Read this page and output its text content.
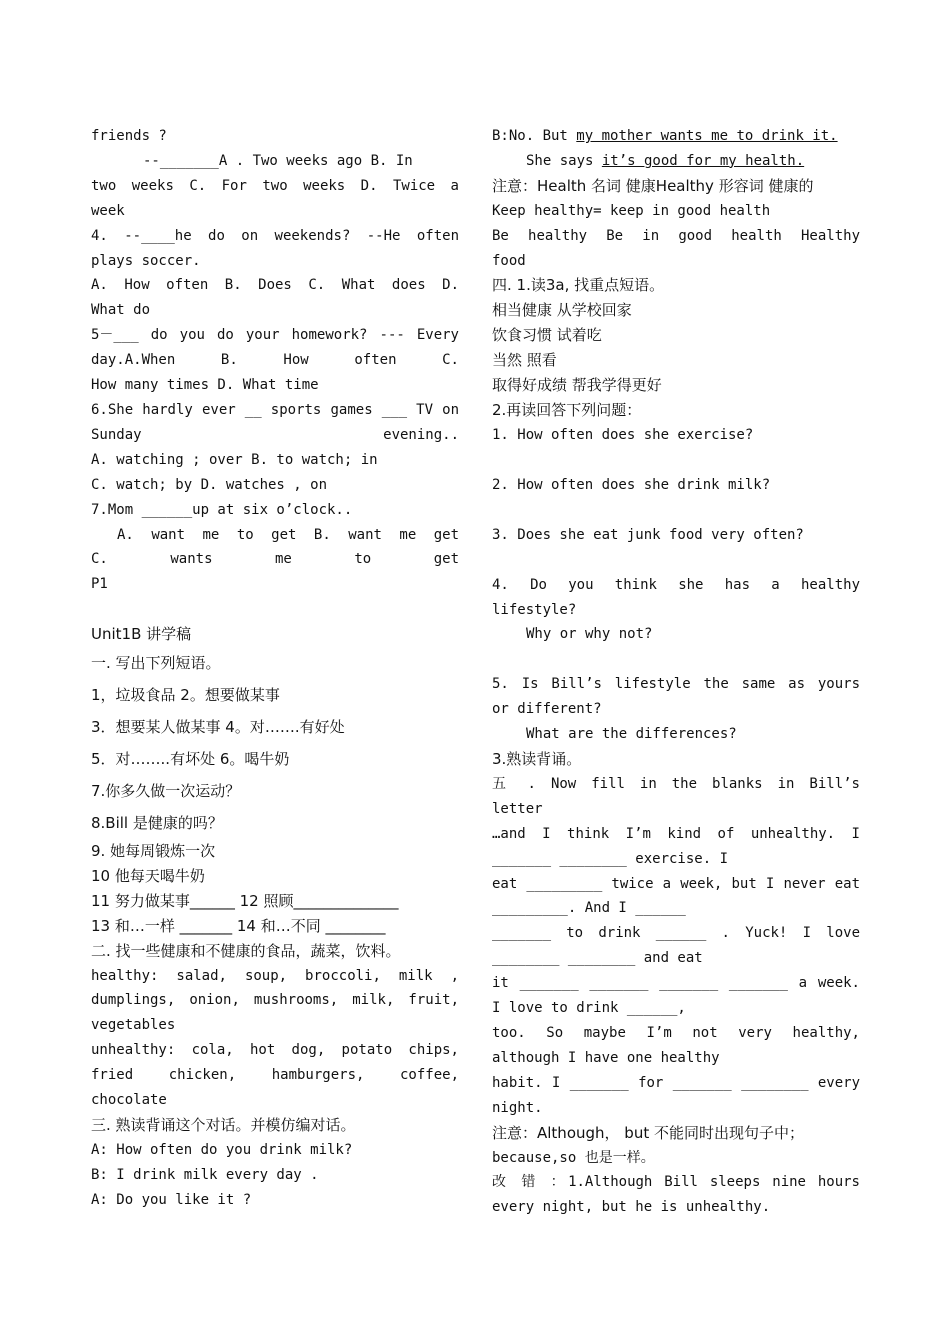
friends ?

--_______A . Two weeks ago B. In

two weeks C. For two weeks D. Twice a

week

4. --____he do on weekends? --He often

plays soccer.

A. How often B. Does C. What does D.

What do

5－___ do you do your homework? --- Every

day.A.When B. How often C.

How many times D. What time

6.She hardly ever __ sports games ___ TV on

Sunday evening..

A. watching ; over B. to watch; in

C. watch; by D. watches , on

7.Mom ______up at six o’clock..

A. want me to get B. want me get

C. wants me to get

P1

Unit1B 讲学稿

一. 写出下列短语。

1，垃圾食品 2。想要做某事

3．想要某人做某事 4。对…….有好处

5．对……..有坏处 6。喝牛奶

7.你多久做一次运动？

8.Bill 是健康的吗？

9. 她每周锻炼一次

10 他每天喝牛奶

11 努力做某事______ 12 照顾______________

13 和…一样 _______ 14 和…不同 ________

二. 找一些健康和不健康的食品，蔬菜，饮料。

healthy: salad, soup, broccoli, milk ,

dumplings, onion, mushrooms, milk, fruit,

vegetables

unhealthy: cola, hot dog, potato chips,

fried chicken, hamburgers, coffee,

chocolate

三. 熟读背诵这个对话。并模仿编对话。

A: How often do you drink milk?

B: I drink milk every day .

A: Do you like it ?

B:No. But my mother wants me to drink it.

She says it’s good for my health.

注意：Health 名词 健康Healthy 形容词 健康的

Keep healthy= keep in good health

Be healthy Be in good health Healthy

food

四. 1.读3a, 找重点短语。

相当健康 从学校回家

饮食习惯 试着吃

当然 照看

取得好成绩 帮我学得更好

2.再读回答下列问题：

1. How often does she exercise?

2. How often does she drink milk?

3. Does she eat junk food very often?

4. Do you think she has a healthy

lifestyle?

Why or why not?

5. Is Bill’s lifestyle the same as yours

or different?

What are the differences?

3.熟读背诵。

五 . Now fill in the blanks in Bill’s

letter

…and I think I’m kind of unhealthy. I

_______ ________ exercise. I

eat _________ twice a week, but I never eat

_________. And I ______

_______ to drink ______ . Yuck! I love

________ ________ and eat

it _______ _______ _______ _______ a week.

I love to drink ______,

too. So maybe I’m not very healthy,

although I have one healthy

habit. I _______ for _______ ________ every

night.

注意：Although， but 不能同时出现句子中；

because,so 也是一样。

改 错 ：1.Although Bill sleeps nine hours

every night, but he is unhealthy.
